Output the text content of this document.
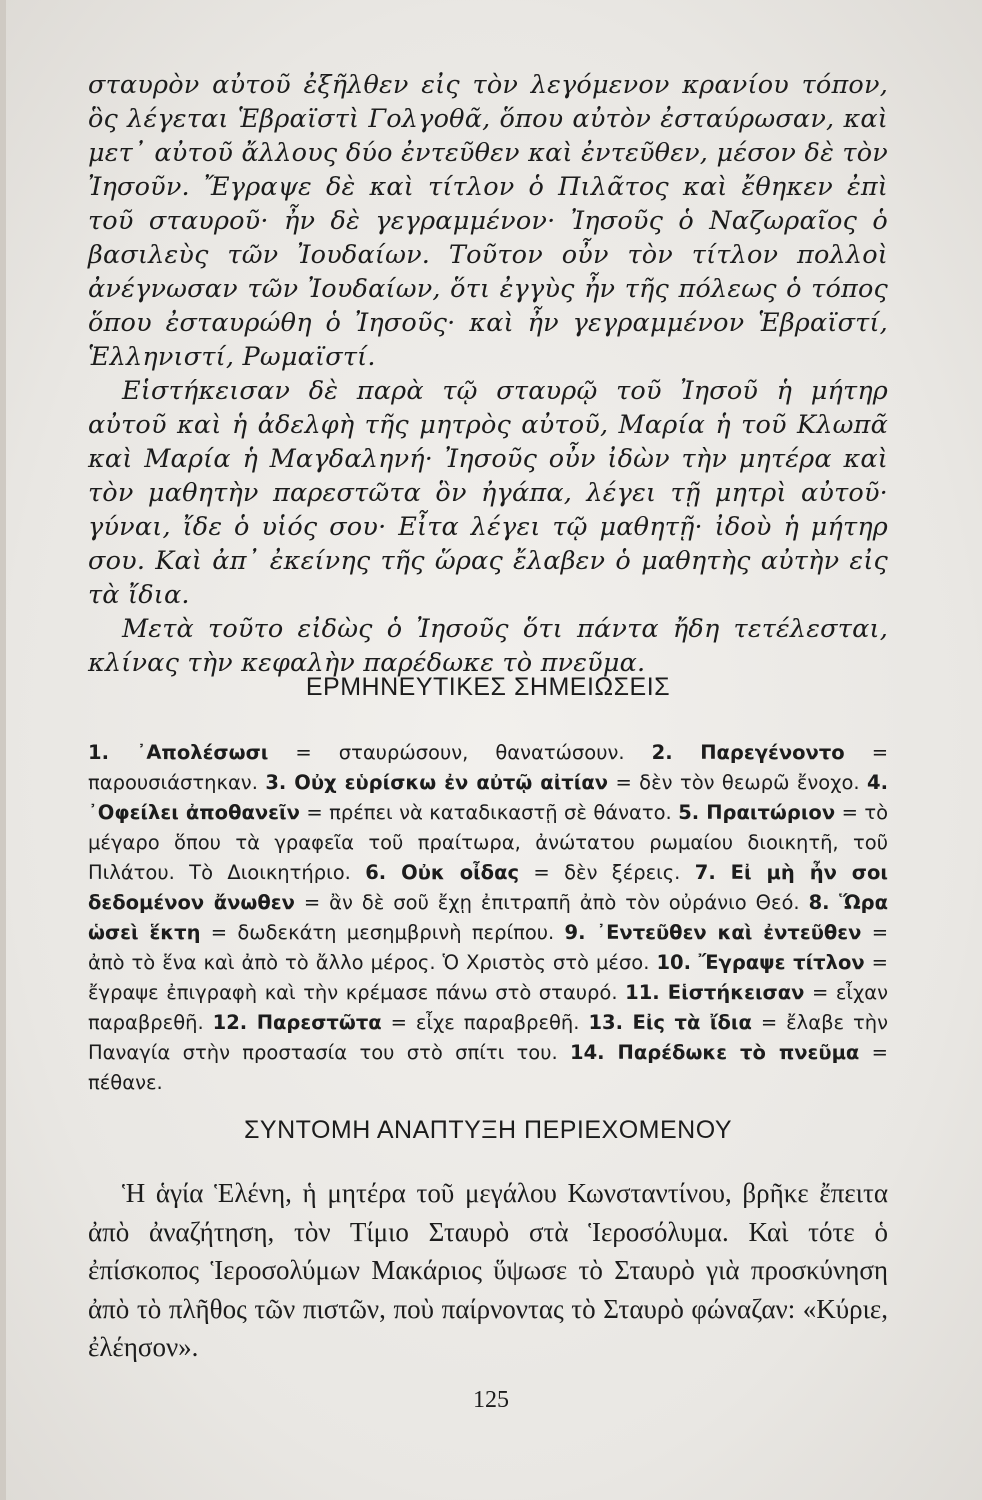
σταυρὸν αὐτοῦ ἐξῆλθεν εἰς τὸν λεγόμενον κρανίου τόπον, ὃς λέγεται Ἑβραϊστὶ Γολγοθᾶ, ὅπου αὐτὸν ἐσταύρωσαν, καὶ μετ᾽ αὐτοῦ ἄλλους δύο ἐντεῦθεν καὶ ἐντεῦθεν, μέσον δὲ τὸν Ἰησοῦν. Ἔγραψε δὲ καὶ τίτλον ὁ Πιλᾶτος καὶ ἔθηκεν ἐπὶ τοῦ σταυροῦ· ἦν δὲ γεγραμμένον· Ἰησοῦς ὁ Ναζωραῖος ὁ βασιλεὺς τῶν Ἰουδαίων. Τοῦτον οὖν τὸν τίτλον πολλοὶ ἀνέγνωσαν τῶν Ἰουδαίων, ὅτι ἐγγὺς ἦν τῆς πόλεως ὁ τόπος ὅπου ἐσταυρώθη ὁ Ἰησοῦς· καὶ ἦν γεγραμμένον Ἑβραϊστί, Ἑλληνιστί, Ρωμαϊστί.

Εἱστήκεισαν δὲ παρὰ τῷ σταυρῷ τοῦ Ἰησοῦ ἡ μήτηρ αὐτοῦ καὶ ἡ ἀδελφὴ τῆς μητρὸς αὐτοῦ, Μαρία ἡ τοῦ Κλωπᾶ καὶ Μαρία ἡ Μαγδαληνή· Ἰησοῦς οὖν ἰδὼν τὴν μητέρα καὶ τὸν μαθητὴν παρεστῶτα ὃν ἠγάπα, λέγει τῇ μητρὶ αὐτοῦ· γύναι, ἴδε ὁ υἱός σου· Εἶτα λέγει τῷ μαθητῇ· ἰδοὺ ἡ μήτηρ σου. Καὶ ἀπ᾽ ἐκείνης τῆς ὥρας ἔλαβεν ὁ μαθητὴς αὐτὴν εἰς τὰ ἴδια.

Μετὰ τοῦτο εἰδὼς ὁ Ἰησοῦς ὅτι πάντα ἤδη τετέλεσται, κλίνας τὴν κεφαλὴν παρέδωκε τὸ πνεῦμα.

ΕΡΜΗΝΕΥΤΙΚΕΣ ΣΗΜΕΙΩΣΕΙΣ
1. ᾽Απολέσωσι = σταυρώσουν, θανατώσουν. 2. Παρεγένοντο = παρουσιάστηκαν. 3. Οὐχ εὑρίσκω ἐν αὐτῷ αἰτίαν = δὲν τὸν θεωρῶ ἔνοχο. 4. ᾽Οφείλει ἀποθανεῖν = πρέπει νὰ καταδικαστῇ σὲ θάνατο. 5. Πραιτώριον = τὸ μέγαρο ὅπου τὰ γραφεῖα τοῦ πραίτωρα, ἀνώτατου ρωμαίου διοικητῆ, τοῦ Πιλάτου. Τὸ Διοικητήριο. 6. Οὐκ οἶδας = δὲν ξέρεις. 7. Εἰ μὴ ἦν σοι δεδομένον ἄνωθεν = ἂν δὲ σοῦ ἔχῃ ἐπιτραπῆ ἀπὸ τὸν οὐράνιο Θεό. 8. Ὥρα ὡσεὶ ἕκτη = δωδεκάτη μεσημβρινὴ περίπου. 9. ᾽Εντεῦθεν καὶ ἐντεῦθεν = ἀπὸ τὸ ἕνα καὶ ἀπὸ τὸ ἄλλο μέρος. Ὁ Χριστὸς στὸ μέσο. 10. Ἔγραψε τίτλον = ἔγραψε ἐπιγραφὴ καὶ τὴν κρέμασε πάνω στὸ σταυρό. 11. Εἱστήκεισαν = εἶχαν παραβρεθῆ. 12. Παρεστῶτα = εἶχε παραβρεθῆ. 13. Εἰς τὰ ἴδια = ἔλαβε τὴν Παναγία στὴν προστασία του στὸ σπίτι του. 14. Παρέδωκε τὸ πνεῦμα = πέθανε.
ΣΥΝΤΟΜΗ ΑΝΑΠΤΥΞΗ ΠΕΡΙΕΧΟΜΕΝΟΥ
Ἡ ἁγία Ἑλένη, ἡ μητέρα τοῦ μεγάλου Κωνσταντίνου, βρῆκε ἔπειτα ἀπὸ ἀναζήτηση, τὸν Τίμιο Σταυρὸ στὰ Ἱεροσόλυμα. Καὶ τότε ὁ ἐπίσκοπος Ἱεροσολύμων Μακάριος ὕψωσε τὸ Σταυρὸ γιὰ προσκύνηση ἀπὸ τὸ πλῆθος τῶν πιστῶν, ποὺ παίρνοντας τὸ Σταυρὸ φώναζαν: «Κύριε, ἐλέησον».
125
